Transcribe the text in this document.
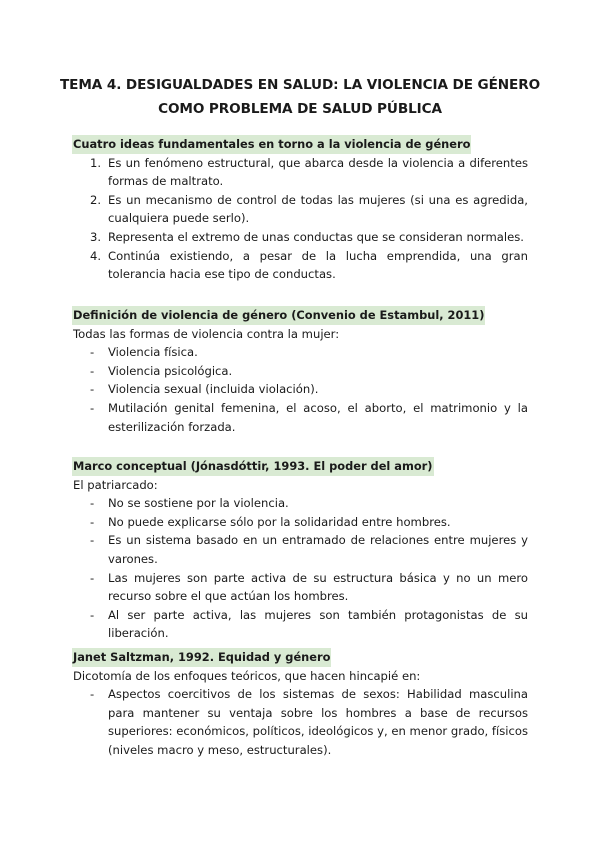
TEMA 4. DESIGUALDADES EN SALUD: LA VIOLENCIA DE GÉNERO
COMO PROBLEMA DE SALUD PÚBLICA
Cuatro ideas fundamentales en torno a la violencia de género
1. Es un fenómeno estructural, que abarca desde la violencia a diferentes formas de maltrato.
2. Es un mecanismo de control de todas las mujeres (si una es agredida, cualquiera puede serlo).
3. Representa el extremo de unas conductas que se consideran normales.
4. Continúa existiendo, a pesar de la lucha emprendida, una gran tolerancia hacia ese tipo de conductas.
Definición de violencia de género (Convenio de Estambul, 2011)
Todas las formas de violencia contra la mujer:
- Violencia física.
- Violencia psicológica.
- Violencia sexual (incluida violación).
- Mutilación genital femenina, el acoso, el aborto, el matrimonio y la esterilización forzada.
Marco conceptual (Jónasdóttir, 1993. El poder del amor)
El patriarcado:
- No se sostiene por la violencia.
- No puede explicarse sólo por la solidaridad entre hombres.
- Es un sistema basado en un entramado de relaciones entre mujeres y varones.
- Las mujeres son parte activa de su estructura básica y no un mero recurso sobre el que actúan los hombres.
- Al ser parte activa, las mujeres son también protagonistas de su liberación.
Janet Saltzman, 1992. Equidad y género
Dicotomía de los enfoques teóricos, que hacen hincapié en:
- Aspectos coercitivos de los sistemas de sexos: Habilidad masculina para mantener su ventaja sobre los hombres a base de recursos superiores: económicos, políticos, ideológicos y, en menor grado, físicos (niveles macro y meso, estructurales).
